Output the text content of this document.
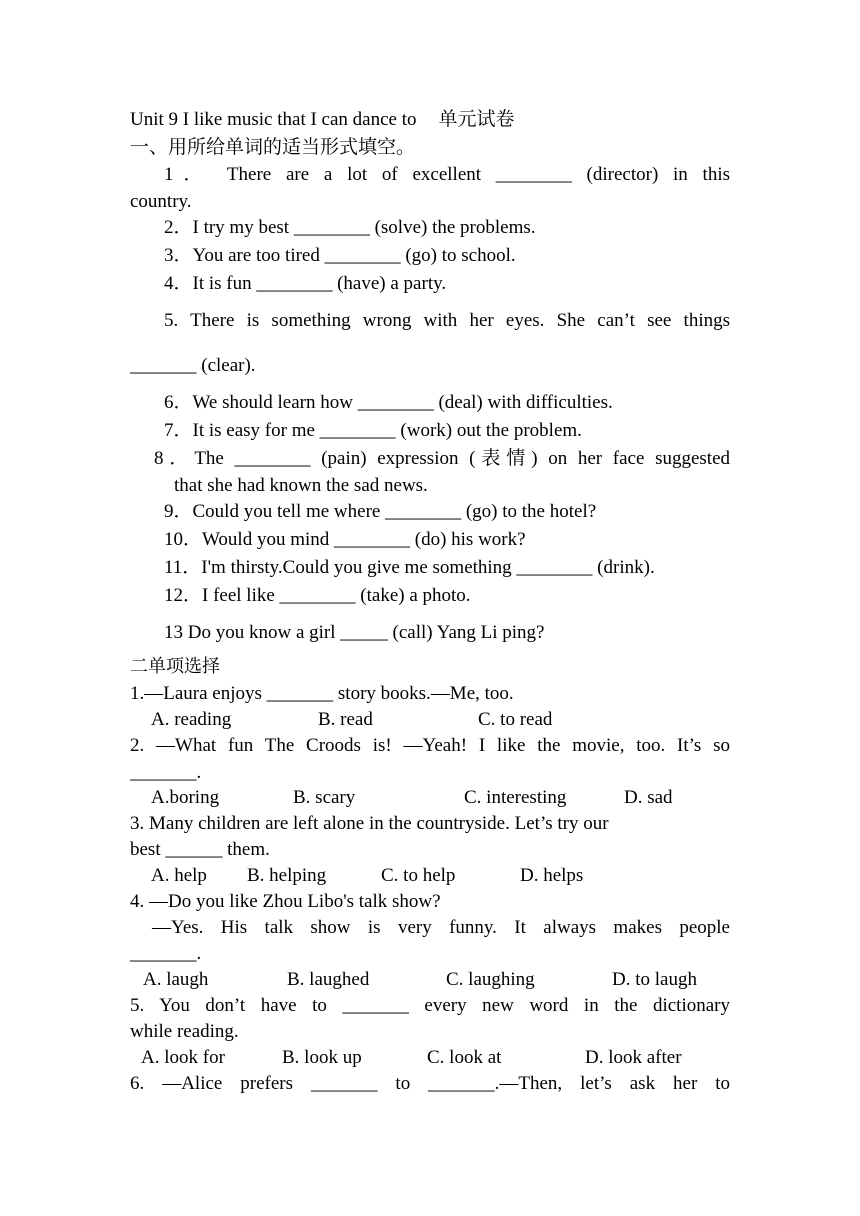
Unit 9 I like music that I can dance to 单元试卷
一、用所给单词的适当形式填空。
1． There are a lot of excellent ________ (director) in this
country.
2．I try my best ________ (solve) the problems.
3．You are too tired ________ (go) to school.
4．It is fun ________ (have) a party.
5. There is something wrong with her eyes. She can’t see things
_______ (clear).
6．We should learn how ________ (deal) with difficulties.
7．It is easy for me ________ (work) out the problem.
8．The ________ (pain) expression (表情) on her face suggested
that she had known the sad news.
9．Could you tell me where ________ (go) to the hotel?
10．Would you mind ________ (do) his work?
11．I'm thirsty.Could you give me something ________ (drink).
12．I feel like ________ (take) a photo.
13 Do you know a girl _____ (call) Yang Li ping?
二单项选择
1.—Laura enjoys _______ story books.—Me, too.
A. reading	B. read	C. to read
2. —What fun The Croods is! —Yeah! I like the movie, too. It’s so
_______.
A.boring	B. scary	C. interesting	D. sad
3. Many children are left alone in the countryside. Let’s try our
best ______ them.
A. help B. helping	C. to help	D. helps
4. —Do you like Zhou Libo's talk show?
—Yes. His talk show is very funny. It always makes people
_______.
A. laugh	B. laughed	C. laughing	D. to laugh
5. You don’t have to _______ every new word in the dictionary
while reading.
A. look for	B. look up	C. look at	D. look after
6. —Alice prefers _______ to _______.—Then, let’s ask her to
